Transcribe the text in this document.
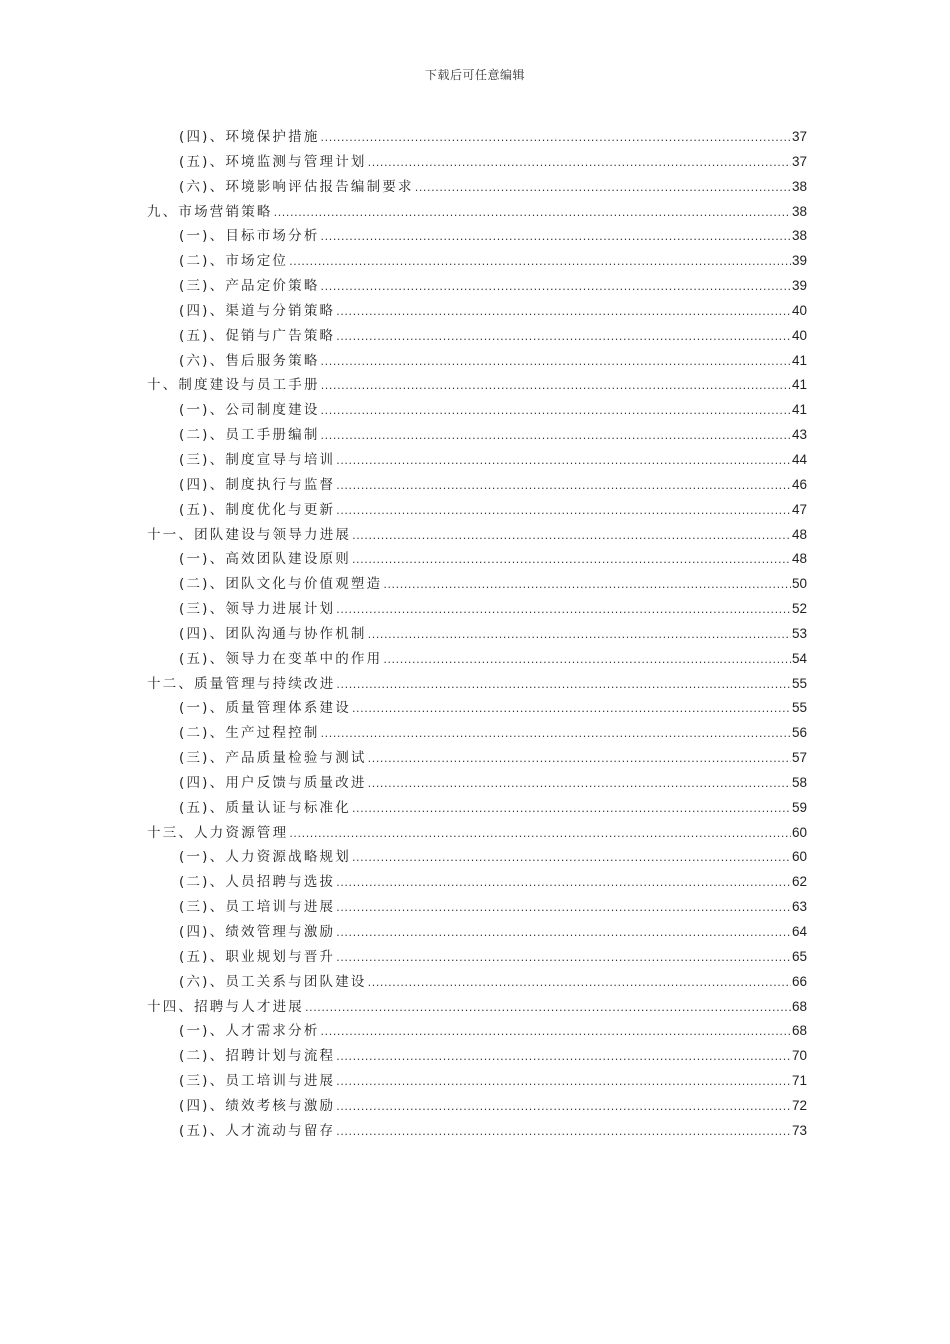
下载后可任意编辑
(四)、环境保护措施 .....	37
(五)、环境监测与管理计划 .....	37
(六)、环境影响评估报告编制要求 .....	38
九、市场营销策略 .....	38
(一)、目标市场分析 .....	38
(二)、市场定位 .....	39
(三)、产品定价策略 .....	39
(四)、渠道与分销策略 .....	40
(五)、促销与广告策略 .....	40
(六)、售后服务策略 .....	41
十、制度建设与员工手册 .....	41
(一)、公司制度建设 .....	41
(二)、员工手册编制 .....	43
(三)、制度宣导与培训 .....	44
(四)、制度执行与监督 .....	46
(五)、制度优化与更新 .....	47
十一、团队建设与领导力进展 .....	48
(一)、高效团队建设原则 .....	48
(二)、团队文化与价值观塑造 .....	50
(三)、领导力进展计划 .....	52
(四)、团队沟通与协作机制 .....	53
(五)、领导力在变革中的作用 .....	54
十二、质量管理与持续改进 .....	55
(一)、质量管理体系建设 .....	55
(二)、生产过程控制 .....	56
(三)、产品质量检验与测试 .....	57
(四)、用户反馈与质量改进 .....	58
(五)、质量认证与标准化 .....	59
十三、人力资源管理 .....	60
(一)、人力资源战略规划 .....	60
(二)、人员招聘与选拔 .....	62
(三)、员工培训与进展 .....	63
(四)、绩效管理与激励 .....	64
(五)、职业规划与晋升 .....	65
(六)、员工关系与团队建设 .....	66
十四、招聘与人才进展 .....	68
(一)、人才需求分析 .....	68
(二)、招聘计划与流程 .....	70
(三)、员工培训与进展 .....	71
(四)、绩效考核与激励 .....	72
(五)、人才流动与留存 .....	73
